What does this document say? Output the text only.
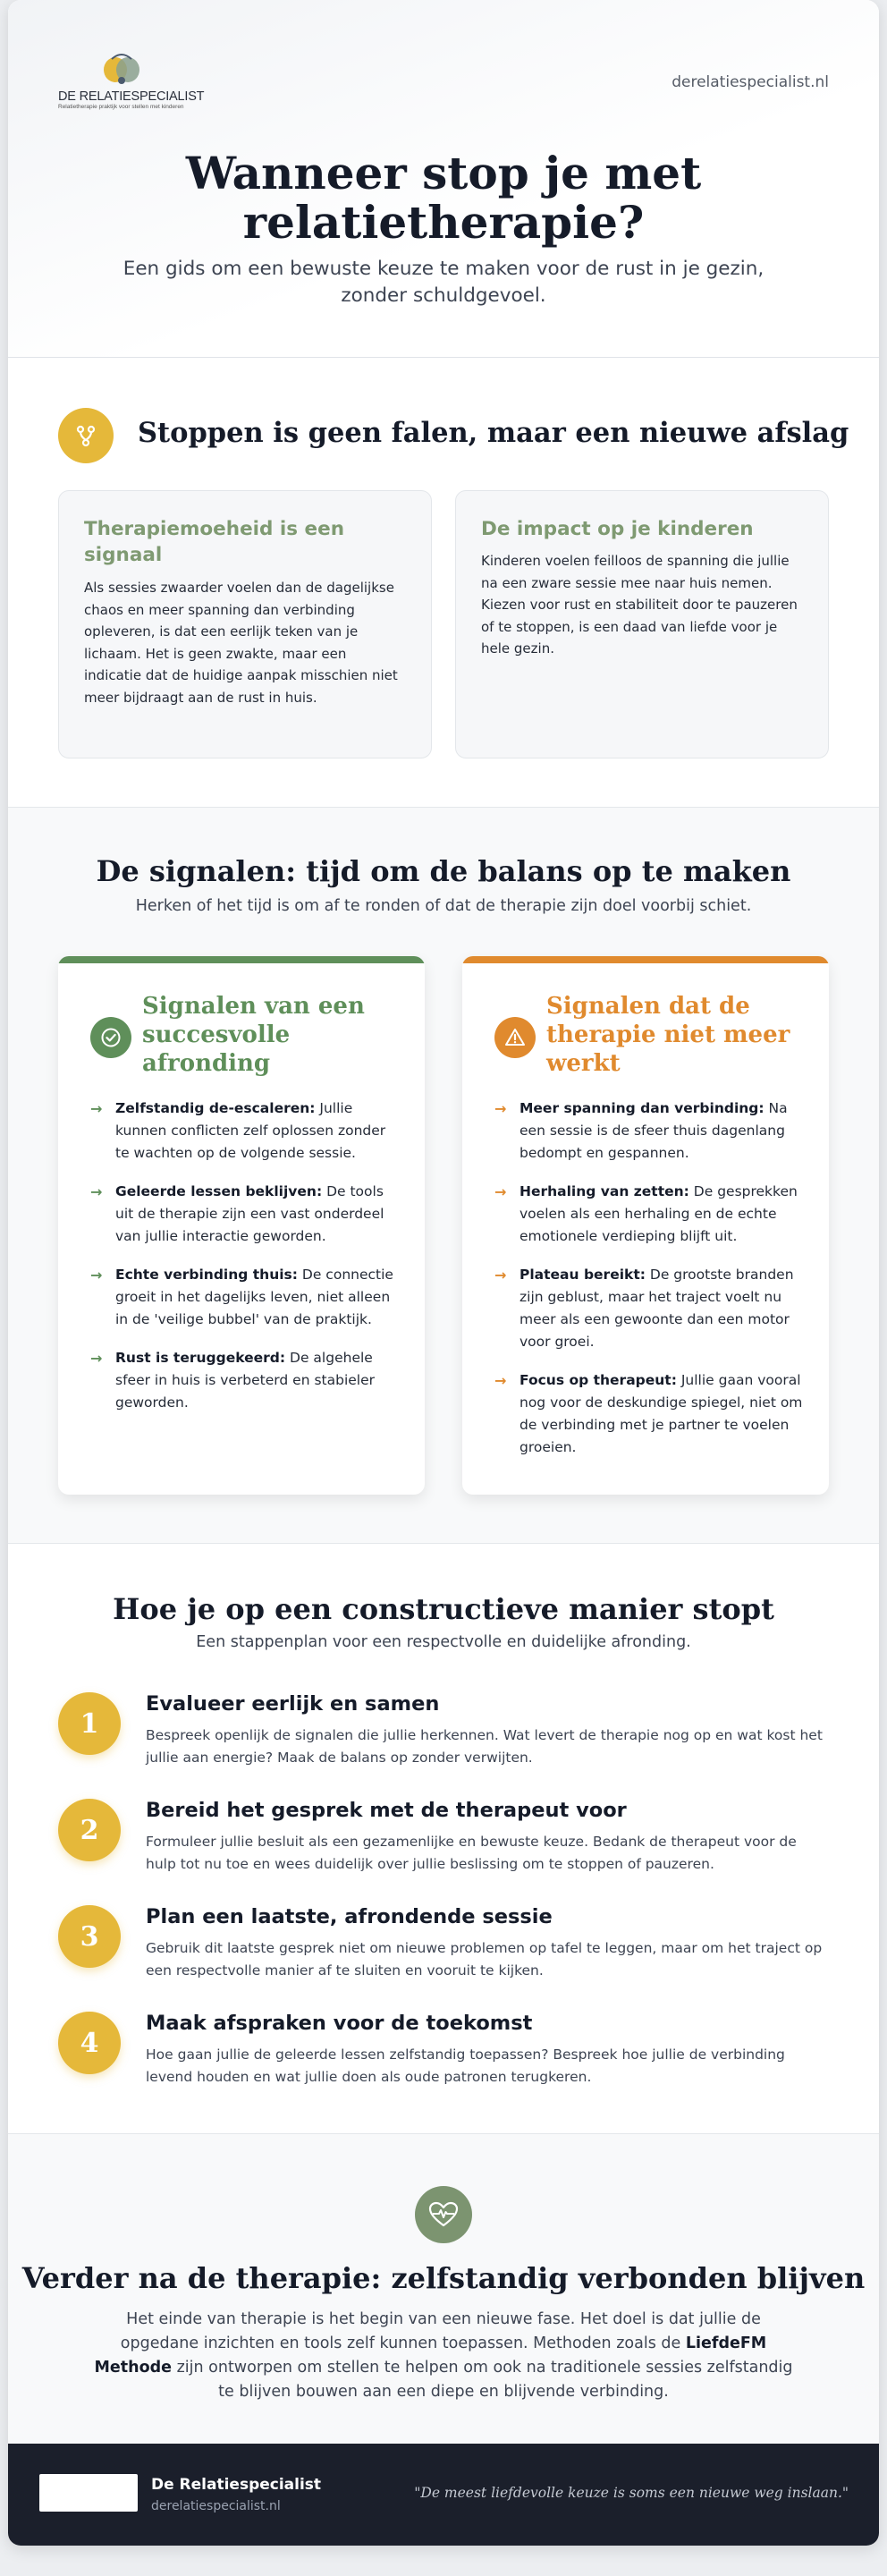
DE RELATIESPECIALIST
Relatietherapie praktijk voor stellen met kinderen
derelatiespecialist.nl
Wanneer stop je met
relatietherapie?
Een gids om een bewuste keuze te maken voor de rust in je gezin, zonder schuldgevoel.
Stoppen is geen falen, maar een nieuwe afslag
Therapiemoeheid is een signaal

Als sessies zwaarder voelen dan de dagelijkse chaos en meer spanning dan verbinding opleveren, is dat een eerlijk teken van je lichaam. Het is geen zwakte, maar een indicatie dat de huidige aanpak misschien niet meer bijdraagt aan de rust in huis.

De impact op je kinderen

Kinderen voelen feilloos de spanning die jullie na een zware sessie mee naar huis nemen. Kiezen voor rust en stabiliteit door te pauzeren of te stoppen, is een daad van liefde voor je hele gezin.

De signalen: tijd om de balans op te maken
Herken of het tijd is om af te ronden of dat de therapie zijn doel voorbij schiet.
Signalen van een succesvolle afronding
→ Zelfstandig de-escaleren: Jullie kunnen conflicten zelf oplossen zonder te wachten op de volgende sessie.
→ Geleerde lessen beklijven: De tools uit de therapie zijn een vast onderdeel van jullie interactie geworden.
→ Echte verbinding thuis: De connectie groeit in het dagelijks leven, niet alleen in de 'veilige bubbel' van de praktijk.
→ Rust is teruggekeerd: De algehele sfeer in huis is verbeterd en stabieler geworden.
Signalen dat de therapie niet meer werkt
→ Meer spanning dan verbinding: Na een sessie is de sfeer thuis dagenlang bedompt en gespannen.
→ Herhaling van zetten: De gesprekken voelen als een herhaling en de echte emotionele verdieping blijft uit.
→ Plateau bereikt: De grootste branden zijn geblust, maar het traject voelt nu meer als een gewoonte dan een motor voor groei.
→ Focus op therapeut: Jullie gaan vooral nog voor de deskundige spiegel, niet om de verbinding met je partner te voelen groeien.
Hoe je op een constructieve manier stopt
Een stappenplan voor een respectvolle en duidelijke afronding.
1
Evalueer eerlijk en samen
Bespreek openlijk de signalen die jullie herkennen. Wat levert de therapie nog op en wat kost het jullie aan energie? Maak de balans op zonder verwijten.
2
Bereid het gesprek met de therapeut voor
Formuleer jullie besluit als een gezamenlijke en bewuste keuze. Bedank de therapeut voor de hulp tot nu toe en wees duidelijk over jullie beslissing om te stoppen of pauzeren.
3
Plan een laatste, afrondende sessie
Gebruik dit laatste gesprek niet om nieuwe problemen op tafel te leggen, maar om het traject op een respectvolle manier af te sluiten en vooruit te kijken.
4
Maak afspraken voor de toekomst
Hoe gaan jullie de geleerde lessen zelfstandig toepassen? Bespreek hoe jullie de verbinding levend houden en wat jullie doen als oude patronen terugkeren.
Verder na de therapie: zelfstandig verbonden blijven
Het einde van therapie is het begin van een nieuwe fase. Het doel is dat jullie de opgedane inzichten en tools zelf kunnen toepassen. Methoden zoals de LiefdeFM Methode zijn ontworpen om stellen te helpen om ook na traditionele sessies zelfstandig te blijven bouwen aan een diepe en blijvende verbinding.
De Relatiespecialist
derelatiespecialist.nl
"De meest liefdevolle keuze is soms een nieuwe weg inslaan."
